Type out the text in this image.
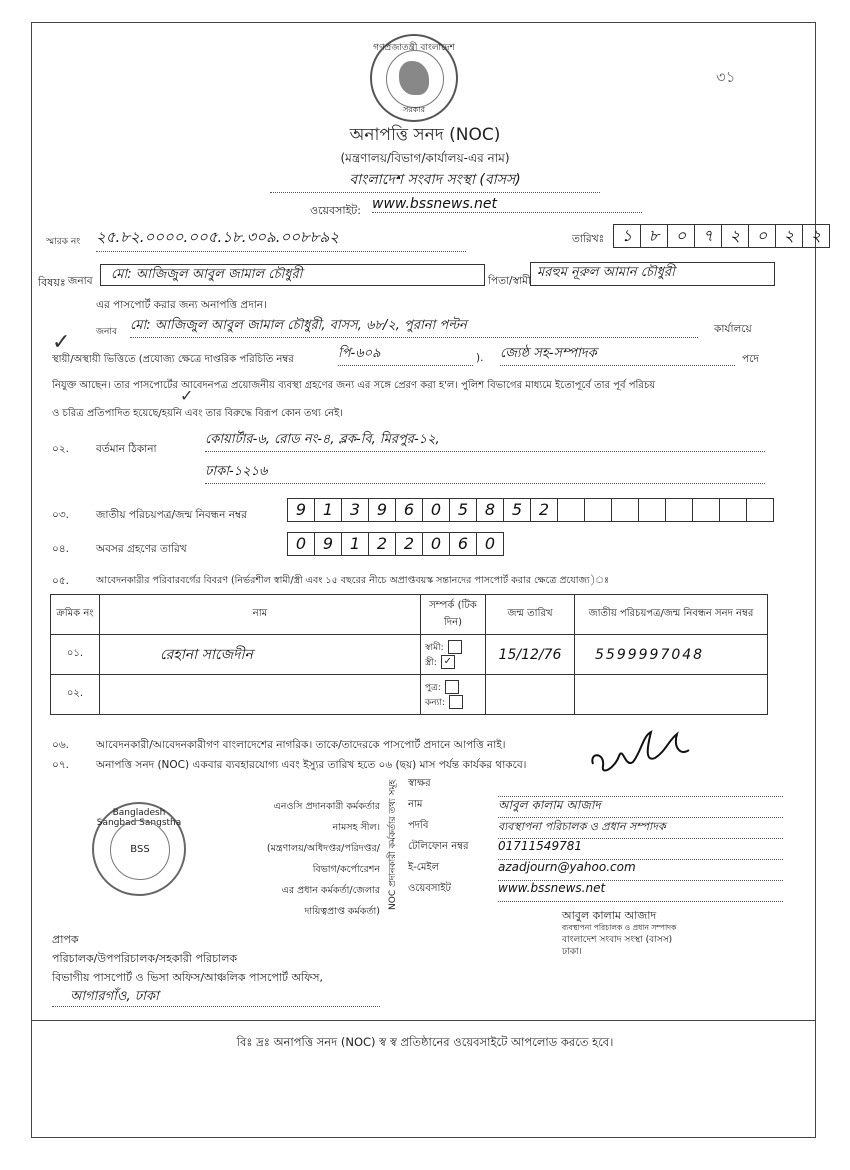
৩১
গণপ্রজাতন্ত্রী বাংলাদেশ
সরকার
অনাপত্তি সনদ (NOC)
(মন্ত্রণালয়/বিভাগ/কার্যালয়-এর নাম)
বাংলাদেশ সংবাদ সংস্থা (বাসস)
ওয়েবসাইট: www.bssnews.net
স্মারক নং ২৫.৮২.০০০০.০০৫.১৮.৩০৯.০০৮৮৯২	তারিখঃ	১	৮	০	৭	২	০	২	২
বিষয়ঃ জনাব	মো: আজিজুল আবুল জামাল চৌধুরী	পিতা/স্বামী
মরহুম নূরুল আমান চৌধুরী
এর পাসপোর্ট করার জন্য অনাপত্তি প্রদান।
জনাব মো: আজিজুল আবুল জামাল চৌধুরী, বাসস, ৬৮/২, পুরানা পল্টন	কার্যালয়ে
✓
স্থায়ী/অস্থায়ী ভিত্তিতে (প্রযোজ্য ক্ষেত্রে দাপ্তরিক পরিচিতি নম্বর	পি-৬০৯	). জ্যেষ্ঠ সহ-সম্পাদক	পদে
নিযুক্ত আছেন। তার পাসপোর্টের আবেদনপত্র প্রয়োজনীয় ব্যবস্থা গ্রহণের জন্য এর সঙ্গে প্রেরণ করা হ'ল। পুলিশ বিভাগের মাধ্যমে ইতোপূর্বে তার পূর্ব পরিচয়
ও চরিত্র প্রতিপাদিত হয়েছে/হয়নি এবং তার বিরুদ্ধে বিরূপ কোন তথ্য নেই।
✓
০২.	বর্তমান ঠিকানা
কোয়ার্টার-৬, রোড নং-৪, ব্লক-বি, মিরপুর-১২,
ঢাকা-১২১৬
০৩.	জাতীয় পরিচয়পত্র/জন্ম নিবন্ধন নম্বর	9	1	3	9	6	0	5	8	5	2
০৪.	অবসর গ্রহণের তারিখ	0	9	1	2	2	0	6	0
০৫.	আবেদনকারীর পরিবারবর্গের বিবরণ (নির্ভরশীল স্বামী/স্ত্রী এবং ১৫ বছরের নীচে অপ্রাপ্তবয়স্ক সন্তানদের পাসপোর্ট করার ক্ষেত্রে প্রযোজ্য)ঃ
ক্রমিক নং	নাম	সম্পর্ক (টিক দিন)	জন্ম তারিখ	জাতীয় পরিচয়পত্র/জন্ম নিবন্ধন সনদ নম্বর
০১.	রেহানা সাজেদীন	স্বামী:
স্ত্রী: ✓	15/12/76	5599997048
০২.		পুত্র:
কন্যা:		

০৬.	আবেদনকারী/আবেদনকারীগণ বাংলাদেশের নাগরিক। তাকে/তাদেরকে পাসপোর্ট প্রদানে আপত্তি নাই।
০৭.	অনাপত্তি সনদ (NOC) একবার ব্যবহারযোগ্য এবং ইস্যুর তারিখ হতে ০৬ (ছয়) মাস পর্যন্ত কার্যকর থাকবে।
Bangladesh Sangbad Sangstha
BSS
এনওসি প্রদানকারী কর্মকর্তার
নামসহ সীল।
(মন্ত্রণালয়/অধিদপ্তর/পরিদপ্তর/
বিভাগ/কর্পোরেশন
এর প্রধান কর্মকর্তা/জেলার
দায়িত্বপ্রাপ্ত কর্মকর্তা)
NOC প্রদানকারী কর্মকর্তার তথ্য সমূহ স্বাক্ষর
নাম	আবুল কালাম আজাদ
পদবি	ব্যবস্থাপনা পরিচালক ও প্রধান সম্পাদক
টেলিফোন নম্বর	01711549781
ই-মেইল	azadjourn@yahoo.com
ওয়েবসাইট	www.bssnews.net
আবুল কালাম আজাদ
ব্যবস্থাপনা পরিচালক ও প্রধান সম্পাদক
বাংলাদেশ সংবাদ সংস্থা (বাসস)
ঢাকা।
প্রাপক
পরিচালক/উপপরিচালক/সহকারী পরিচালক
বিভাগীয় পাসপোর্ট ও ভিসা অফিস/আঞ্চলিক পাসপোর্ট অফিস,
আগারগাঁও, ঢাকা
বিঃ দ্রঃ অনাপত্তি সনদ (NOC) স্ব স্ব প্রতিষ্ঠানের ওয়েবসাইটে আপলোড করতে হবে।
